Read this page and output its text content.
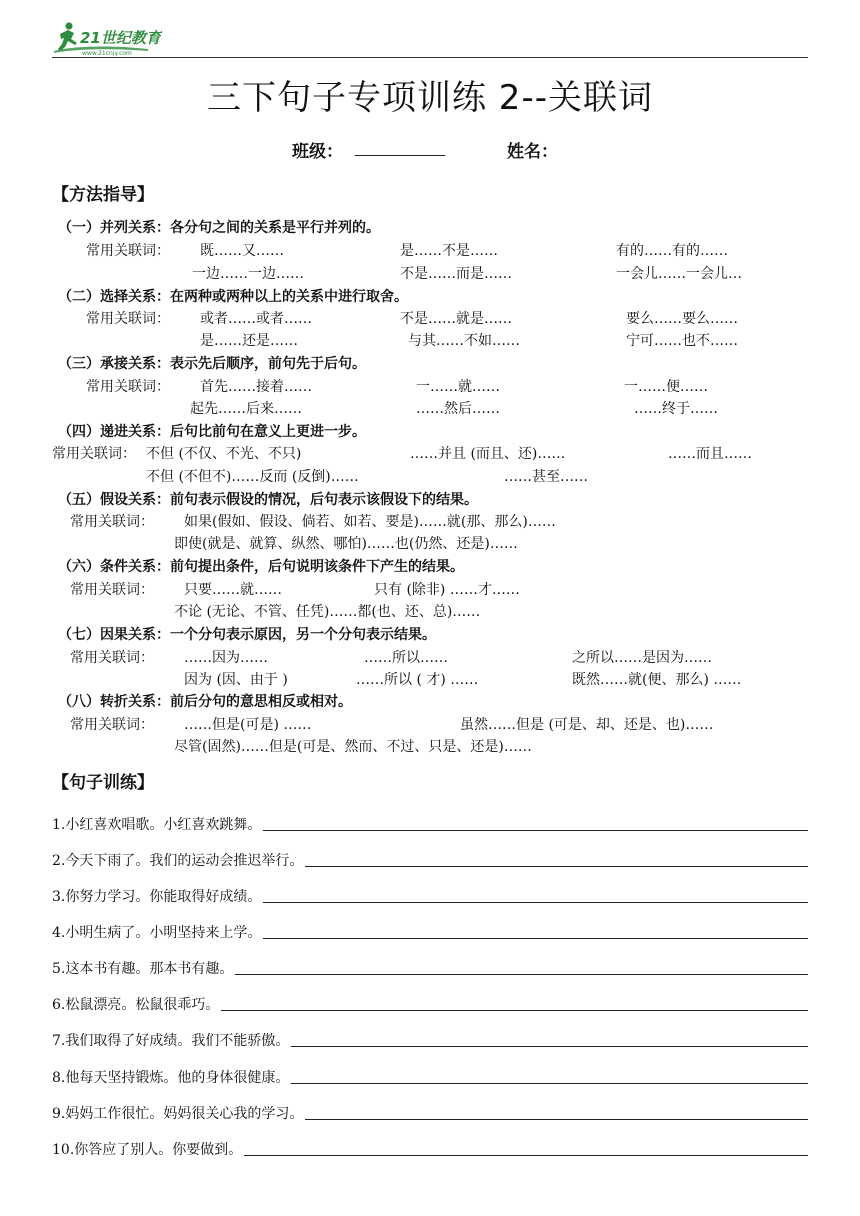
21世纪教育
www.21cnjy.com
三下句子专项训练 2--关联词
班级：	姓名：
【方法指导】
（一）并列关系：各分句之间的关系是平行并列的。
常用关联词： 既……又……	是……不是……	有的……有的……
一边……一边……	不是……而是……	一会儿……一会儿…
（二）选择关系：在两种或两种以上的关系中进行取舍。
常用关联词： 或者……或者……	不是……就是……	要么……要么……
是……还是……	与其……不如……	宁可……也不……
（三）承接关系：表示先后顺序，前句先于后句。
常用关联词： 首先……接着……	一……就……	一……便……
起先……后来……	……然后……	……终于……
（四）递进关系：后句比前句在意义上更进一步。
常用关联词： 不但 (不仅、不光、不只)	……并且 (而且、还)……	……而且……
不但 (不但不)……反而 (反倒)……	……甚至……
（五）假设关系：前句表示假设的情况，后句表示该假设下的结果。
常用关联词： 如果(假如、假设、倘若、如若、要是)……就(那、那么)……
即使(就是、就算、纵然、哪怕)……也(仍然、还是)……
（六）条件关系：前句提出条件，后句说明该条件下产生的结果。
常用关联词： 只要……就……	只有 (除非) ……才……
不论 (无论、不管、任凭)……都(也、还、总)……
（七）因果关系：一个分句表示原因，另一个分句表示结果。
常用关联词： ……因为……	……所以……	之所以……是因为……
因为 (因、由于 )	……所以 ( 才) ……	既然……就(便、那么) ……
（八）转折关系：前后分句的意思相反或相对。
常用关联词： ……但是(可是) ……	虽然……但是 (可是、却、还是、也)……
尽管(固然)……但是(可是、然而、不过、只是、还是)……
【句子训练】
1.小红喜欢唱歌。小红喜欢跳舞。
2.今天下雨了。我们的运动会推迟举行。
3.你努力学习。你能取得好成绩。
4.小明生病了。小明坚持来上学。
5.这本书有趣。那本书有趣。
6.松鼠漂亮。松鼠很乖巧。
7.我们取得了好成绩。我们不能骄傲。
8.他每天坚持锻炼。他的身体很健康。
9.妈妈工作很忙。妈妈很关心我的学习。
10.你答应了别人。你要做到。
